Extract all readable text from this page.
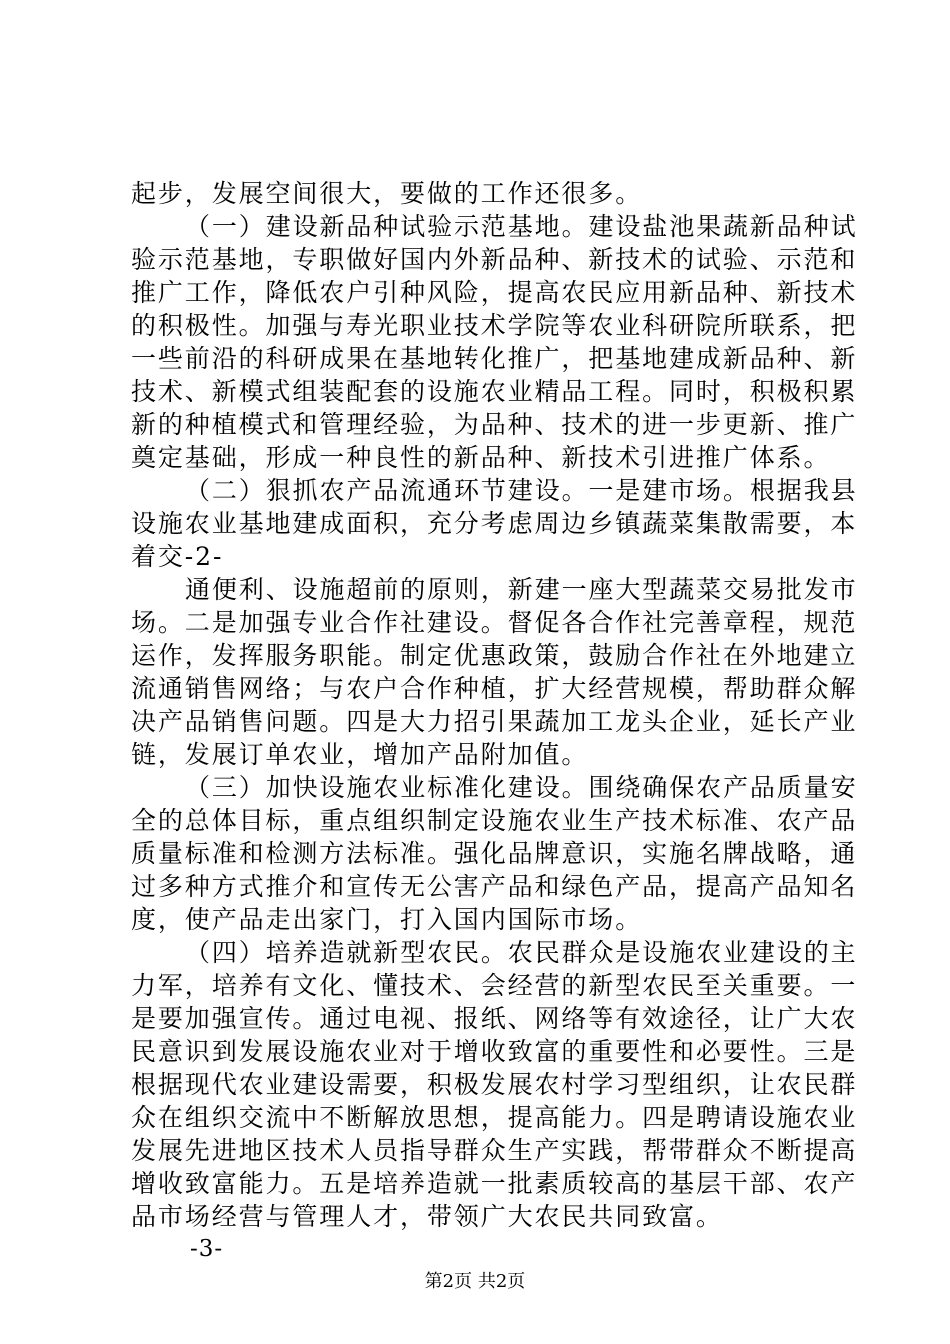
起步，发展空间很大，要做的工作还很多。
（一）建设新品种试验示范基地。建设盐池果蔬新品种试
验示范基地，专职做好国内外新品种、新技术的试验、示范和
推广工作，降低农户引种风险，提高农民应用新品种、新技术
的积极性。加强与寿光职业技术学院等农业科研院所联系，把
一些前沿的科研成果在基地转化推广，把基地建成新品种、新
技术、新模式组装配套的设施农业精品工程。同时，积极积累
新的种植模式和管理经验，为品种、技术的进一步更新、推广
奠定基础，形成一种良性的新品种、新技术引进推广体系。
（二）狠抓农产品流通环节建设。一是建市场。根据我县
设施农业基地建成面积，充分考虑周边乡镇蔬菜集散需要，本
着交-2-
通便利、设施超前的原则，新建一座大型蔬菜交易批发市
场。二是加强专业合作社建设。督促各合作社完善章程，规范
运作，发挥服务职能。制定优惠政策，鼓励合作社在外地建立
流通销售网络；与农户合作种植，扩大经营规模，帮助群众解
决产品销售问题。四是大力招引果蔬加工龙头企业，延长产业
链，发展订单农业，增加产品附加值。
（三）加快设施农业标准化建设。围绕确保农产品质量安
全的总体目标，重点组织制定设施农业生产技术标准、农产品
质量标准和检测方法标准。强化品牌意识，实施名牌战略，通
过多种方式推介和宣传无公害产品和绿色产品，提高产品知名
度，使产品走出家门，打入国内国际市场。
（四）培养造就新型农民。农民群众是设施农业建设的主
力军，培养有文化、懂技术、会经营的新型农民至关重要。一
是要加强宣传。通过电视、报纸、网络等有效途径，让广大农
民意识到发展设施农业对于增收致富的重要性和必要性。三是
根据现代农业建设需要，积极发展农村学习型组织，让农民群
众在组织交流中不断解放思想，提高能力。四是聘请设施农业
发展先进地区技术人员指导群众生产实践，帮带群众不断提高
增收致富能力。五是培养造就一批素质较高的基层干部、农产
品市场经营与管理人才，带领广大农民共同致富。
-3-
第2页 共2页
